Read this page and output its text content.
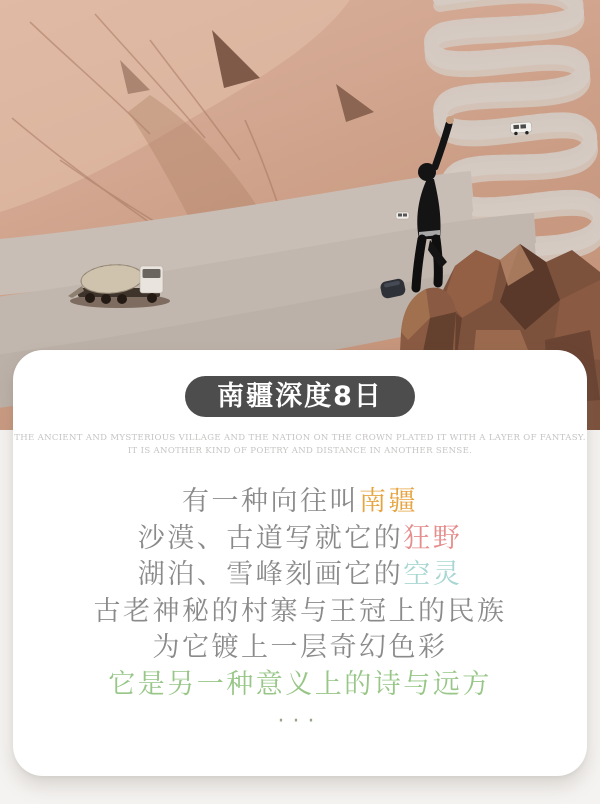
南疆深度8日
THE ANCIENT AND MYSTERIOUS VILLAGE AND THE NATION ON THE CROWN PLATED IT WITH A LAYER OF FANTASY.
IT IS ANOTHER KIND OF POETRY AND DISTANCE IN ANOTHER SENSE.
有一种向往叫南疆
沙漠、古道写就它的狂野
湖泊、雪峰刻画它的空灵
古老神秘的村寨与王冠上的民族
为它镀上一层奇幻色彩
它是另一种意义上的诗与远方
···
